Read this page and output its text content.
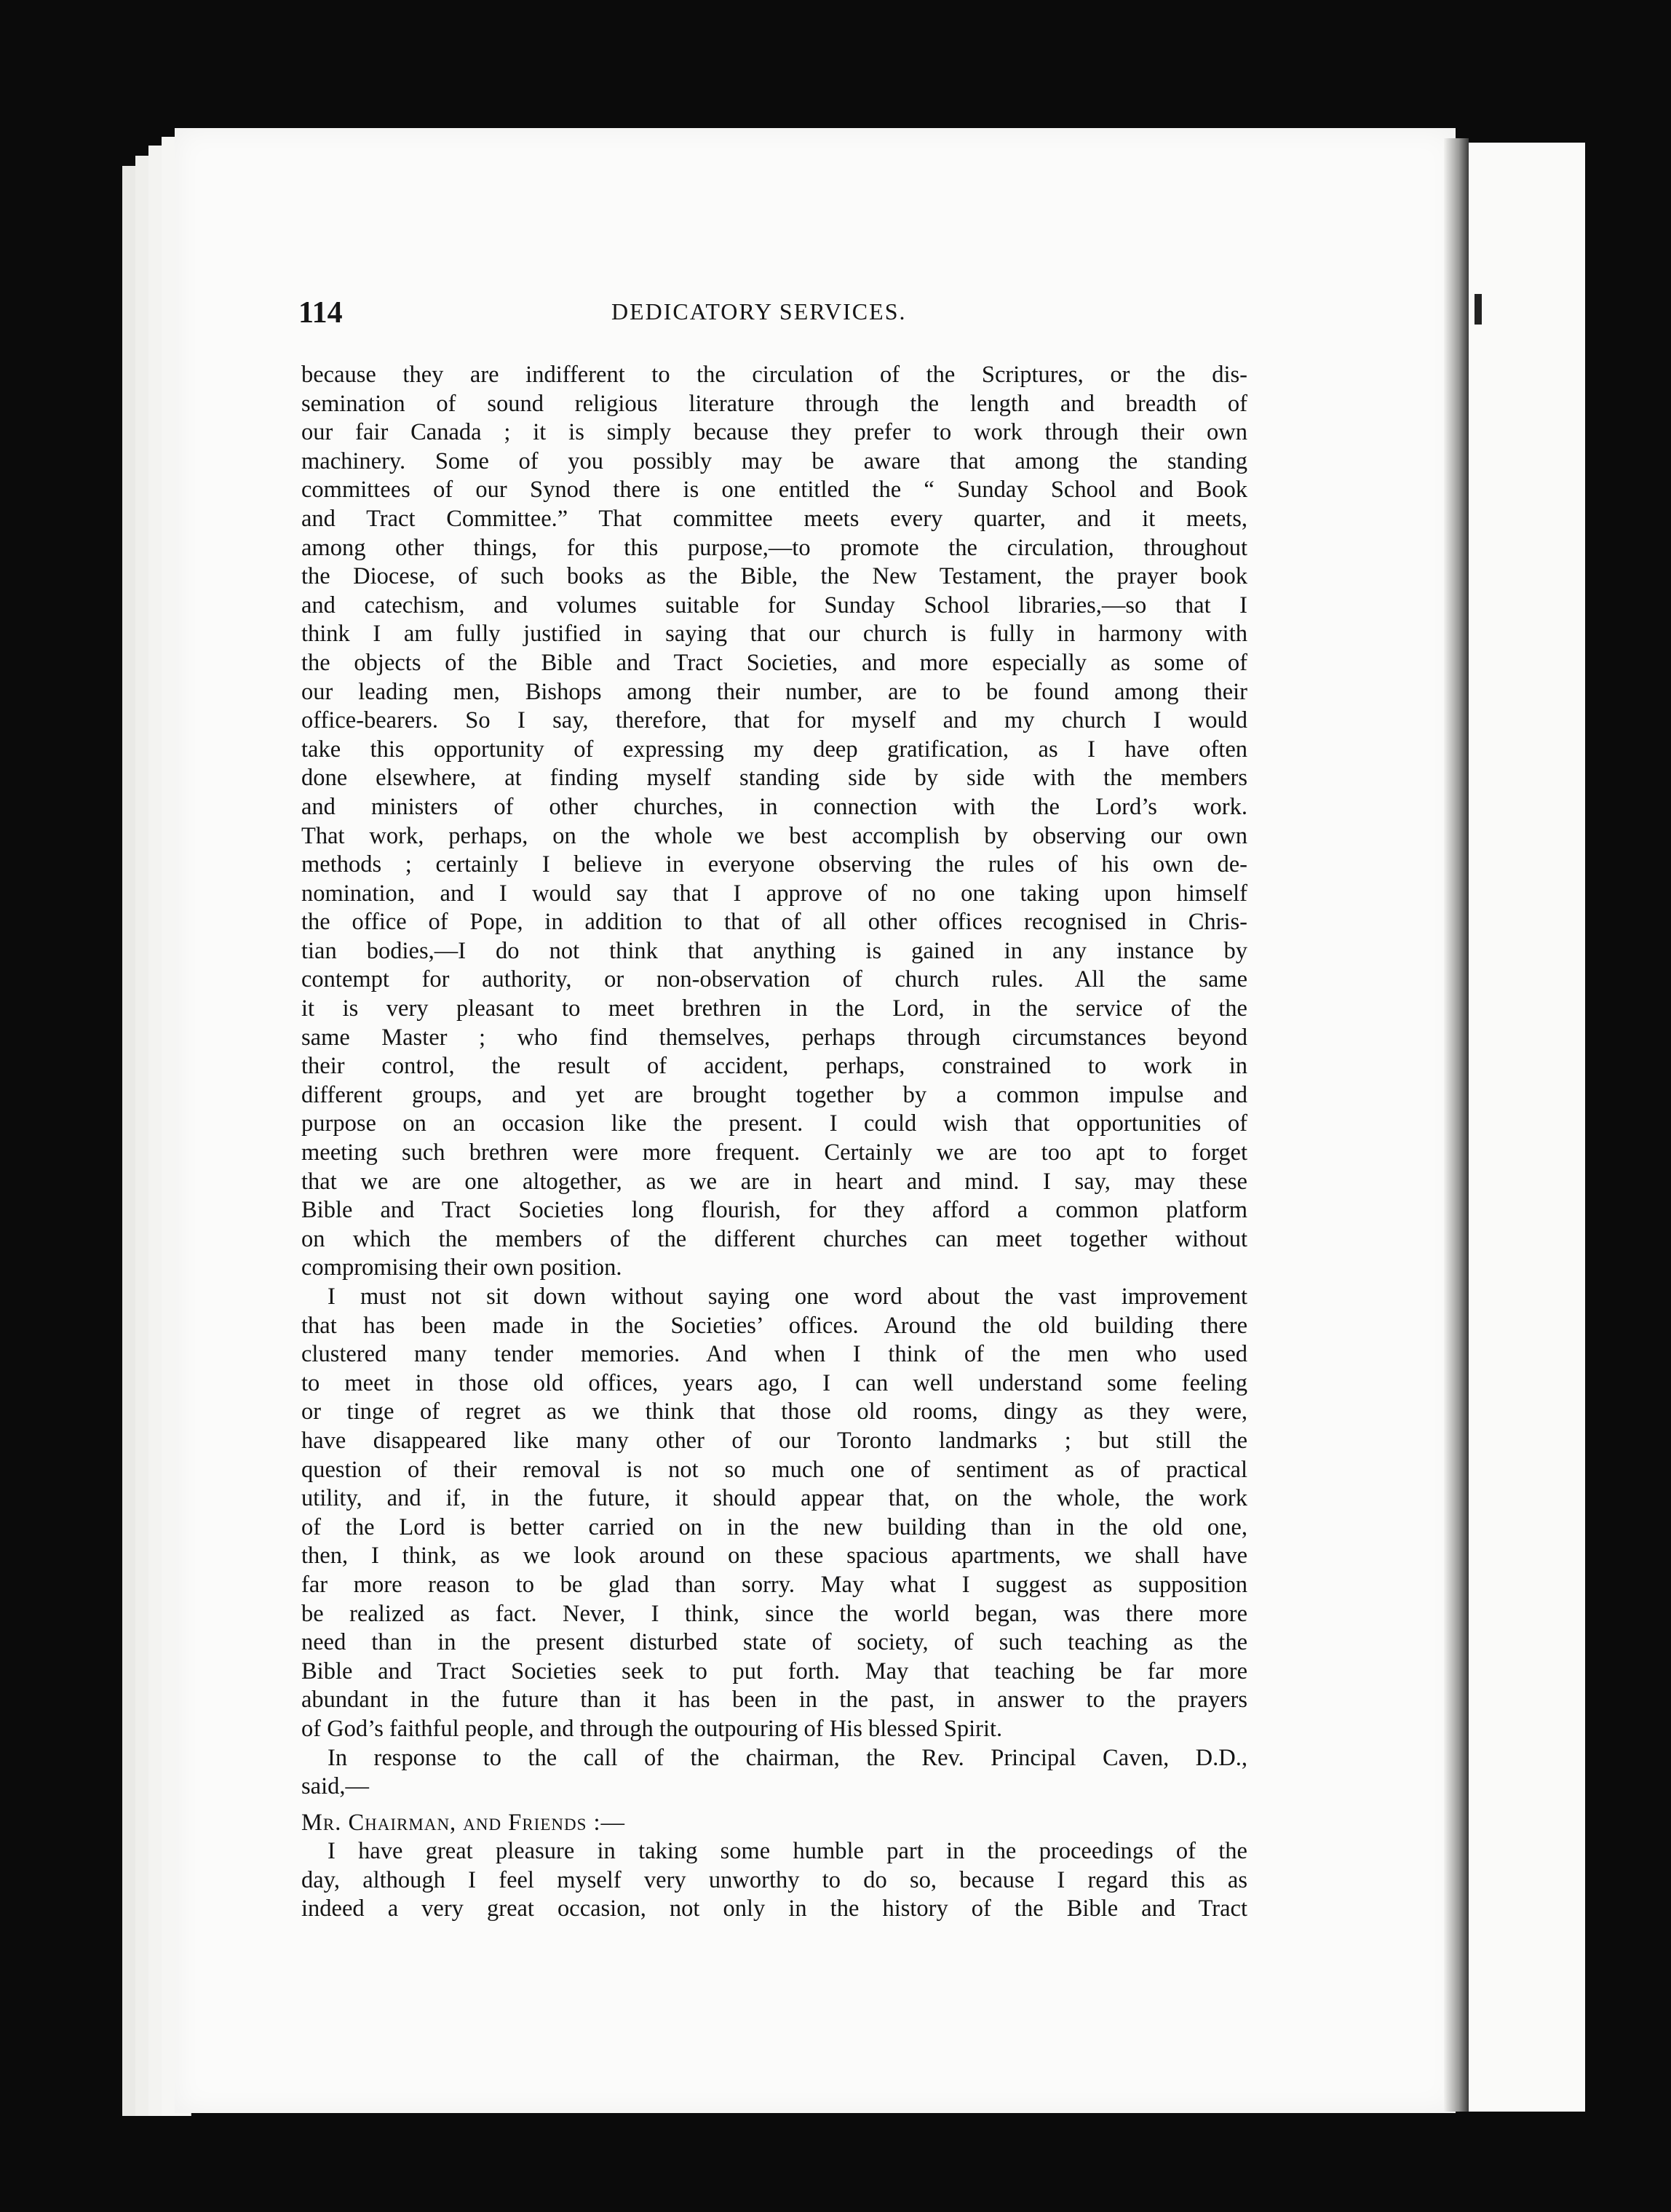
114	DEDICATORY SERVICES.
because they are indifferent to the circulation of the Scriptures, or the dis-
semination of sound religious literature through the length and breadth of
our fair Canada ; it is simply because they prefer to work through their own
machinery. Some of you possibly may be aware that among the standing
committees of our Synod there is one entitled the “ Sunday School and Book
and Tract Committee.” That committee meets every quarter, and it meets,
among other things, for this purpose,—to promote the circulation, throughout
the Diocese, of such books as the Bible, the New Testament, the prayer book
and catechism, and volumes suitable for Sunday School libraries,—so that I
think I am fully justified in saying that our church is fully in harmony with
the objects of the Bible and Tract Societies, and more especially as some of
our leading men, Bishops among their number, are to be found among their
office-bearers. So I say, therefore, that for myself and my church I would
take this opportunity of expressing my deep gratification, as I have often
done elsewhere, at finding myself standing side by side with the members
and ministers of other churches, in connection with the Lord’s work.
That work, perhaps, on the whole we best accomplish by observing our own
methods ; certainly I believe in everyone observing the rules of his own de-
nomination, and I would say that I approve of no one taking upon himself
the office of Pope, in addition to that of all other offices recognised in Chris-
tian bodies,—I do not think that anything is gained in any instance by
contempt for authority, or non-observation of church rules. All the same
it is very pleasant to meet brethren in the Lord, in the service of the
same Master ; who find themselves, perhaps through circumstances beyond
their control, the result of accident, perhaps, constrained to work in
different groups, and yet are brought together by a common impulse and
purpose on an occasion like the present. I could wish that opportunities of
meeting such brethren were more frequent. Certainly we are too apt to forget
that we are one altogether, as we are in heart and mind. I say, may these
Bible and Tract Societies long flourish, for they afford a common platform
on which the members of the different churches can meet together without
compromising their own position.
I must not sit down without saying one word about the vast improvement
that has been made in the Societies’ offices. Around the old building there
clustered many tender memories. And when I think of the men who used
to meet in those old offices, years ago, I can well understand some feeling
or tinge of regret as we think that those old rooms, dingy as they were,
have disappeared like many other of our Toronto landmarks ; but still the
question of their removal is not so much one of sentiment as of practical
utility, and if, in the future, it should appear that, on the whole, the work
of the Lord is better carried on in the new building than in the old one,
then, I think, as we look around on these spacious apartments, we shall have
far more reason to be glad than sorry. May what I suggest as supposition
be realized as fact. Never, I think, since the world began, was there more
need than in the present disturbed state of society, of such teaching as the
Bible and Tract Societies seek to put forth. May that teaching be far more
abundant in the future than it has been in the past, in answer to the prayers
of God’s faithful people, and through the outpouring of His blessed Spirit.
In response to the call of the chairman, the Rev. Principal Caven, D.D.,
said,—
Mr. Chairman, and Friends :—
I have great pleasure in taking some humble part in the proceedings of the
day, although I feel myself very unworthy to do so, because I regard this as
indeed a very great occasion, not only in the history of the Bible and Tract
